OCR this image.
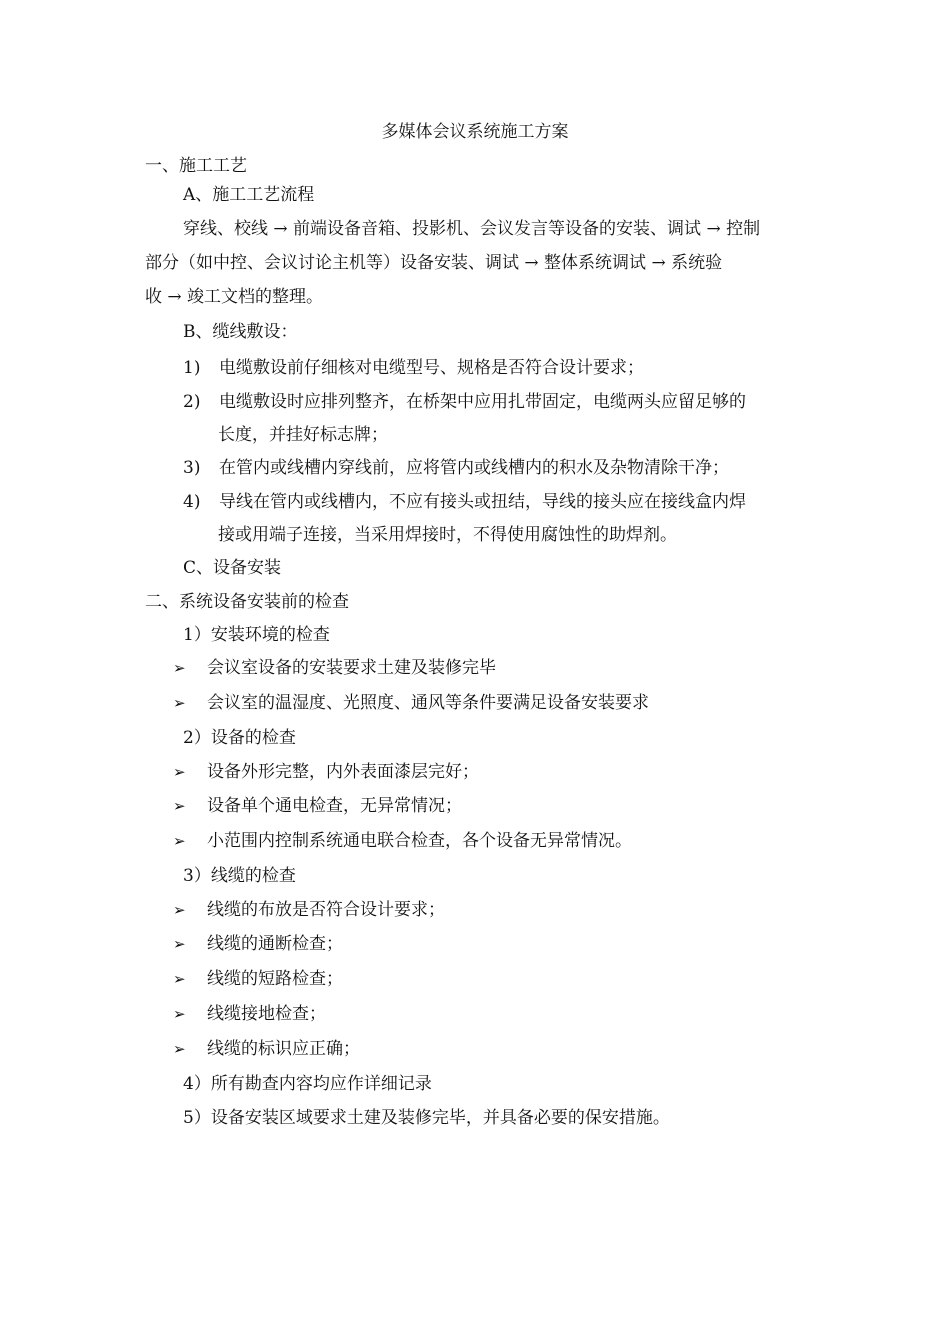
多媒体会议系统施工方案
一、施工工艺
A、施工工艺流程
穿线、校线 → 前端设备音箱、投影机、会议发言等设备的安装、调试 → 控制
部分（如中控、会议讨论主机等）设备安装、调试 → 整体系统调试 → 系统验
收 → 竣工文档的整理。
B、缆线敷设：
1) 电缆敷设前仔细核对电缆型号、规格是否符合设计要求；
2) 电缆敷设时应排列整齐，在桥架中应用扎带固定，电缆两头应留足够的
长度，并挂好标志牌；
3) 在管内或线槽内穿线前，应将管内或线槽内的积水及杂物清除干净；
4) 导线在管内或线槽内，不应有接头或扭结，导线的接头应在接线盒内焊
接或用端子连接，当采用焊接时，不得使用腐蚀性的助焊剂。
C、设备安装
二、系统设备安装前的检查
1）安装环境的检查
➢ 会议室设备的安装要求土建及装修完毕
➢ 会议室的温湿度、光照度、通风等条件要满足设备安装要求
2）设备的检查
➢ 设备外形完整，内外表面漆层完好；
➢ 设备单个通电检查，无异常情况；
➢ 小范围内控制系统通电联合检查，各个设备无异常情况。
3）线缆的检查
➢ 线缆的布放是否符合设计要求；
➢ 线缆的通断检查；
➢ 线缆的短路检查；
➢ 线缆接地检查；
➢ 线缆的标识应正确；
4）所有勘查内容均应作详细记录
5）设备安装区域要求土建及装修完毕，并具备必要的保安措施。
